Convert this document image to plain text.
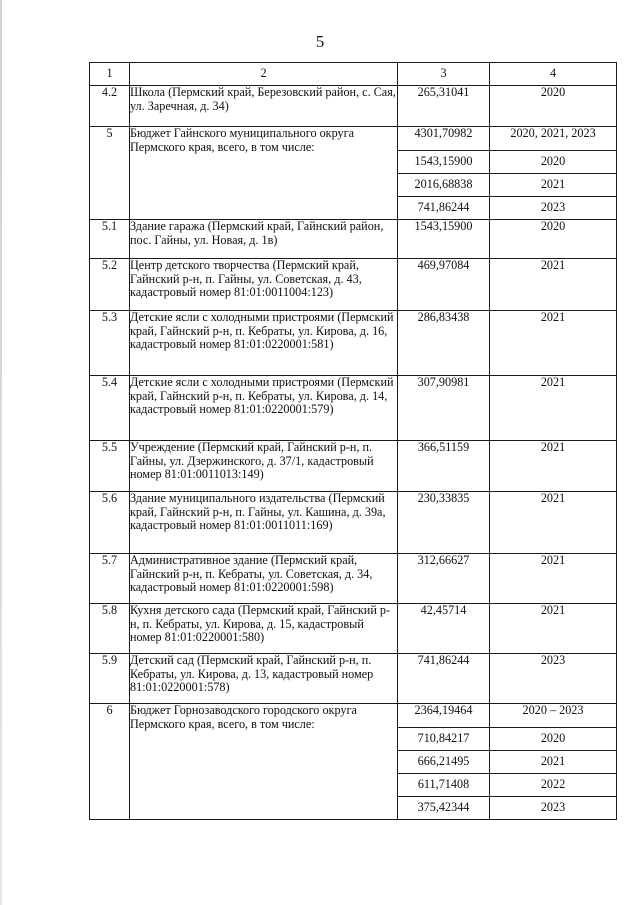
5
1	2	3	4
4.2	Школа (Пермский край, Березовский район, с. Сая, ул. Заречная, д. 34)	265,31041	2020
5	Бюджет Гайнского муниципального округа Пермского края, всего, в том числе:	4301,70982	2020, 2021, 2023
		1543,15900	2020
		2016,68838	2021
		741,86244	2023
5.1	Здание гаража (Пермский край, Гайнский район, пос. Гайны, ул. Новая, д. 1в)	1543,15900	2020
5.2	Центр детского творчества (Пермский край, Гайнский р-н, п. Гайны, ул. Советская, д. 43, кадастровый номер 81:01:0011004:123)	469,97084	2021
5.3	Детские ясли с холодными пристроями (Пермский край, Гайнский р-н, п. Кебраты, ул. Кирова, д. 16, кадастровый номер 81:01:0220001:581)	286,83438	2021
5.4	Детские ясли с холодными пристроями (Пермский край, Гайнский р-н, п. Кебраты, ул. Кирова, д. 14, кадастровый номер 81:01:0220001:579)	307,90981	2021
5.5	Учреждение (Пермский край, Гайнский р-н, п. Гайны, ул. Дзержинского, д. 37/1, кадастровый номер 81:01:0011013:149)	366,51159	2021
5.6	Здание муниципального издательства (Пермский край, Гайнский р-н, п. Гайны, ул. Кашина, д. 39а, кадастровый номер 81:01:0011011:169)	230,33835	2021
5.7	Административное здание (Пермский край, Гайнский р-н, п. Кебраты, ул. Советская, д. 34, кадастровый номер 81:01:0220001:598)	312,66627	2021
5.8	Кухня детского сада (Пермский край, Гайнский р-н, п. Кебраты, ул. Кирова, д. 15, кадастровый номер 81:01:0220001:580)	42,45714	2021
5.9	Детский сад (Пермский край, Гайнский р-н, п. Кебраты, ул. Кирова, д. 13, кадастровый номер 81:01:0220001:578)	741,86244	2023
6	Бюджет Горнозаводского городского округа Пермского края, всего, в том числе:	2364,19464	2020 – 2023
		710,84217	2020
		666,21495	2021
		611,71408	2022
		375,42344	2023
